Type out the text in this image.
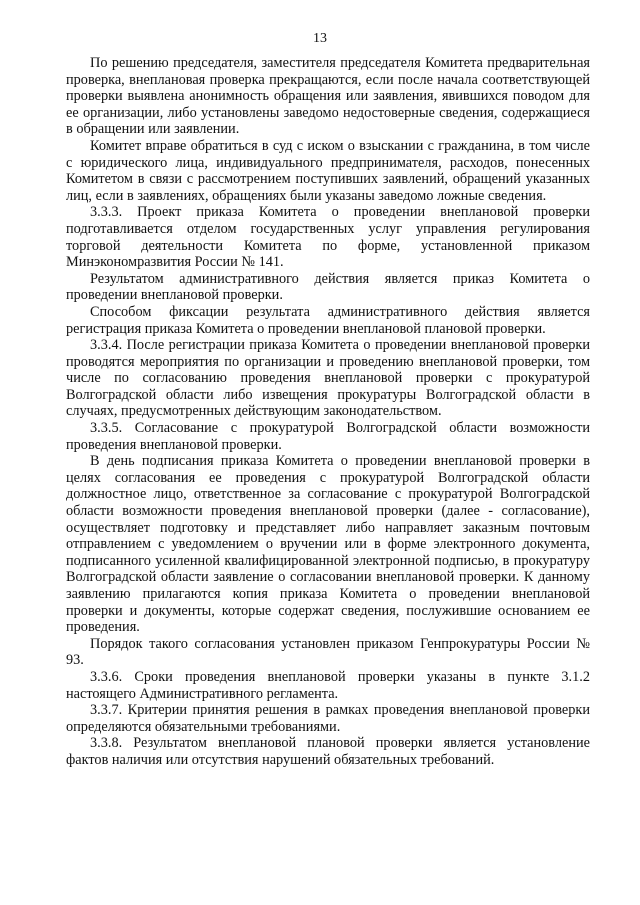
13

По решению председателя, заместителя председателя Комитета предварительная проверка, внеплановая проверка прекращаются, если после начала соответствующей проверки выявлена анонимность обращения или заявления, явившихся поводом для ее организации, либо установлены заведомо недостоверные сведения, содержащиеся в обращении или заявлении.

Комитет вправе обратиться в суд с иском о взыскании с гражданина, в том числе с юридического лица, индивидуального предпринимателя, расходов, понесенных Комитетом в связи с рассмотрением поступивших заявлений, обращений указанных лиц, если в заявлениях, обращениях были указаны заведомо ложные сведения.

3.3.3. Проект приказа Комитета о проведении внеплановой проверки подготавливается отделом государственных услуг управления регулирования торговой деятельности Комитета по форме, установленной приказом Минэкономразвития России № 141.

Результатом административного действия является приказ Комитета о проведении внеплановой проверки.

Способом фиксации результата административного действия является регистрация приказа Комитета о проведении внеплановой плановой проверки.

3.3.4. После регистрации приказа Комитета о проведении внеплановой проверки проводятся мероприятия по организации и проведению внеплановой проверки, том числе по согласованию проведения внеплановой проверки с прокуратурой Волгоградской области либо извещения прокуратуры Волгоградской области в случаях, предусмотренных действующим законодательством.

3.3.5. Согласование с прокуратурой Волгоградской области возможности проведения внеплановой проверки.

В день подписания приказа Комитета о проведении внеплановой проверки в целях согласования ее проведения с прокуратурой Волгоградской области должностное лицо, ответственное за согласование с прокуратурой Волгоградской области возможности проведения внеплановой проверки (далее - согласование), осуществляет подготовку и представляет либо направляет заказным почтовым отправлением с уведомлением о вручении или в форме электронного документа, подписанного усиленной квалифицированной электронной подписью, в прокуратуру Волгоградской области заявление о согласовании внеплановой проверки. К данному заявлению прилагаются копия приказа Комитета о проведении внеплановой проверки и документы, которые содержат сведения, послужившие основанием ее проведения.

Порядок такого согласования установлен приказом Генпрокуратуры России № 93.

3.3.6. Сроки проведения внеплановой проверки указаны в пункте 3.1.2 настоящего Административного регламента.

3.3.7. Критерии принятия решения в рамках проведения внеплановой проверки определяются обязательными требованиями.

3.3.8. Результатом внеплановой плановой проверки является установление фактов наличия или отсутствия нарушений обязательных требований.
